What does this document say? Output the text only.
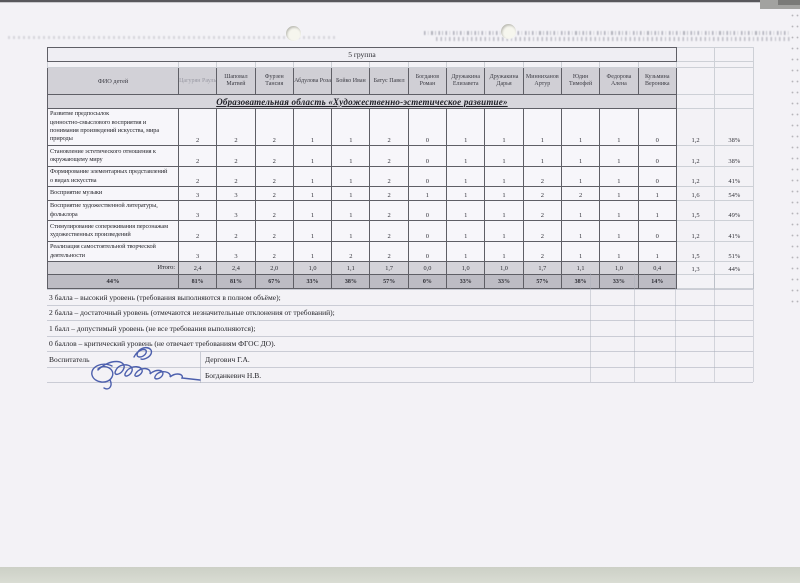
5 группа															

ФИО детей	Цагурян Рауль	Шаповал Матвей	Фурзен Тансия	Абдулова Роза	Бойко Иван	Батус Павел	Богданов Роман	Дружакина Елизавета	Дружакина Дарья	Минниханов Артур	Юдин Тимофей	Федорова Алена	Кузьмина Вероника		
Образовательная область «Художественно-эстетическое развитие»															
Развитие предпосылок
ценностно-смыслового восприятия и
понимания произведений искусства, мира
природы	2	2	2	1	1	2	0	1	1	1	1	1	0	1,2	38%
Становление эстетического отношения к
окружающему миру	2	2	2	1	1	2	0	1	1	1	1	1	0	1,2	38%
Формирование элементарных представлений
о видах искусства	2	2	2	1	1	2	0	1	1	2	1	1	0	1,2	41%
Восприятие музыки	3	3	2	1	1	2	1	1	1	2	2	1	1	1,6	54%
Восприятие художественной литературы,
фольклора	3	3	2	1	1	2	0	1	1	2	1	1	1	1,5	49%
Стимулирование сопереживания персонажам
художественных произведений	2	2	2	1	1	2	0	1	1	2	1	1	0	1,2	41%
Реализация самостоятельной творческой
деятельности	3	3	2	1	2	2	0	1	1	2	1	1	1	1,5	51%
Итого:	2,4	2,4	2,0	1,0	1,1	1,7	0,0	1,0	1,0	1,7	1,1	1,0	0,4	1,3	44%
44%	81%	81%	67%	33%	38%	57%	0%	33%	33%	57%	38%	33%	14%		
3 балла – высокий уровень (требования выполняются в полном объёме);
2 балла – достаточный уровень (отмечаются незначительные отклонения от требований);
1 балл – допустимый уровень (не все требования выполняются);
0 баллов – критический уровень (не отвечает требованиям ФГОС ДО).
Воспитатель	Дергович Г.А.
Богданкевич Н.В.
